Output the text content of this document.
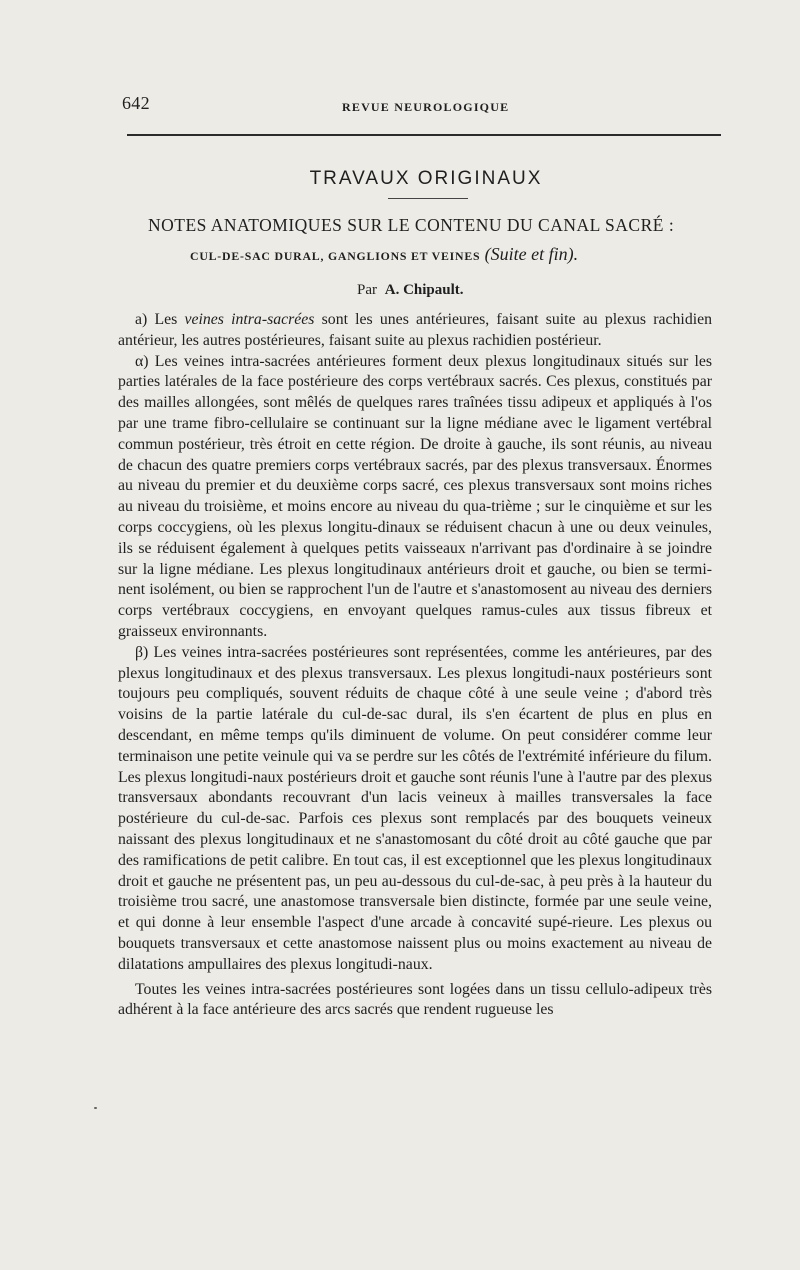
642	REVUE NEUROLOGIQUE
TRAVAUX ORIGINAUX
NOTES ANATOMIQUES SUR LE CONTENU DU CANAL SACRÉ :
CUL-DE-SAC DURAL, GANGLIONS ET VEINES (Suite et fin).
Par A. Chipault.

a) Les veines intra-sacrées sont les unes antérieures, faisant suite au plexus rachidien antérieur, les autres postérieures, faisant suite au plexus rachidien postérieur.

α) Les veines intra-sacrées antérieures forment deux plexus longitudinaux situés sur les parties latérales de la face postérieure des corps vertébraux sacrés. Ces plexus, constitués par des mailles allongées, sont mêlés de quelques rares traînées tissu adipeux et appliqués à l'os par une trame fibro-cellulaire se continuant sur la ligne médiane avec le ligament vertébral commun postérieur, très étroit en cette région. De droite à gauche, ils sont réunis, au niveau de chacun des quatre premiers corps vertébraux sacrés, par des plexus transversaux. Énormes au niveau du premier et du deuxième corps sacré, ces plexus transversaux sont moins riches au niveau du troisième, et moins encore au niveau du qua-trième ; sur le cinquième et sur les corps coccygiens, où les plexus longitu-dinaux se réduisent chacun à une ou deux veinules, ils se réduisent également à quelques petits vaisseaux n'arrivant pas d'ordinaire à se joindre sur la ligne médiane. Les plexus longitudinaux antérieurs droit et gauche, ou bien se termi-nent isolément, ou bien se rapprochent l'un de l'autre et s'anastomosent au niveau des derniers corps vertébraux coccygiens, en envoyant quelques ramus-cules aux tissus fibreux et graisseux environnants.

β) Les veines intra-sacrées postérieures sont représentées, comme les antérieures, par des plexus longitudinaux et des plexus transversaux. Les plexus longitudi-naux postérieurs sont toujours peu compliqués, souvent réduits de chaque côté à une seule veine ; d'abord très voisins de la partie latérale du cul-de-sac dural, ils s'en écartent de plus en plus en descendant, en même temps qu'ils diminuent de volume. On peut considérer comme leur terminaison une petite veinule qui va se perdre sur les côtés de l'extrémité inférieure du filum. Les plexus longitudi-naux postérieurs droit et gauche sont réunis l'une à l'autre par des plexus transversaux abondants recouvrant d'un lacis veineux à mailles transversales la face postérieure du cul-de-sac. Parfois ces plexus sont remplacés par des bouquets veineux naissant des plexus longitudinaux et ne s'anastomosant du côté droit au côté gauche que par des ramifications de petit calibre. En tout cas, il est exceptionnel que les plexus longitudinaux droit et gauche ne présentent pas, un peu au-dessous du cul-de-sac, à peu près à la hauteur du troisième trou sacré, une anastomose transversale bien distincte, formée par une seule veine, et qui donne à leur ensemble l'aspect d'une arcade à concavité supé-rieure. Les plexus ou bouquets transversaux et cette anastomose naissent plus ou moins exactement au niveau de dilatations ampullaires des plexus longitudi-naux.

Toutes les veines intra-sacrées postérieures sont logées dans un tissu cellulo-adipeux très adhérent à la face antérieure des arcs sacrés que rendent rugueuse les
